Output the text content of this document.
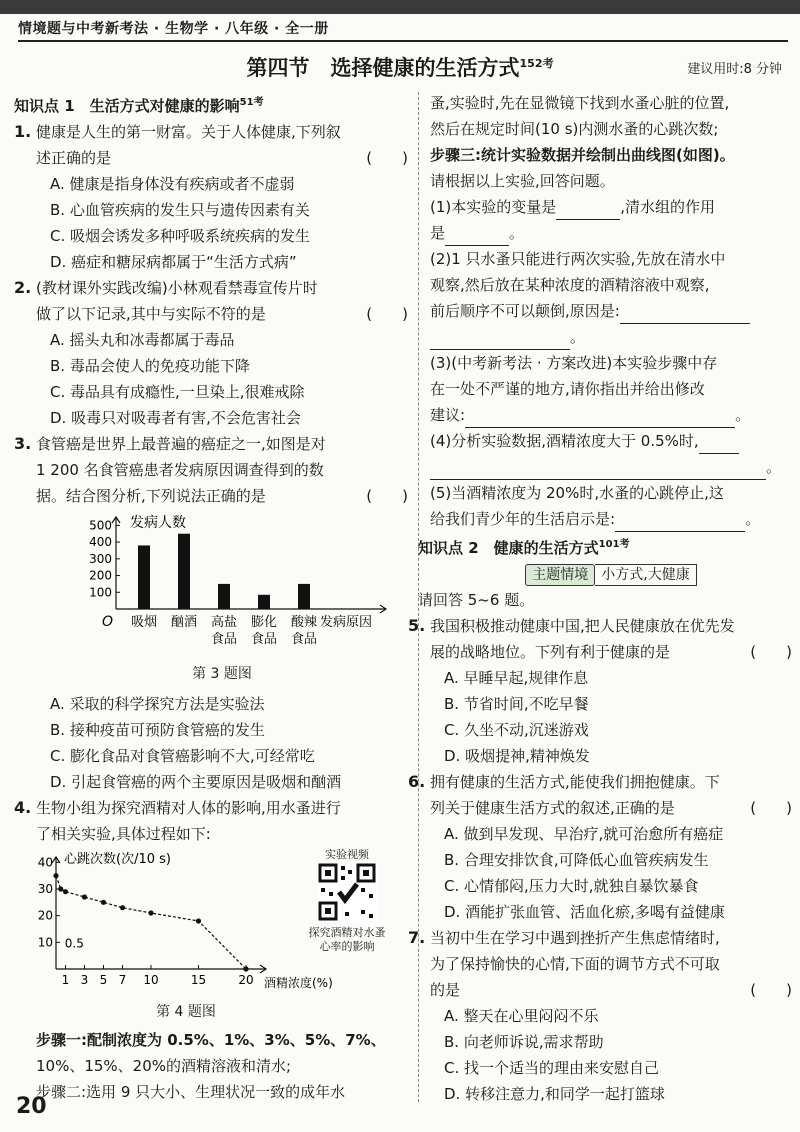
情境题与中考新考法 · 生物学 · 八年级 · 全一册
第四节　选择健康的生活方式$^{152考}$	建议用时:8 分钟
知识点 1　生活方式对健康的影响$^{51考}$
1. 健康是人生的第一财富。关于人体健康,下列叙
述正确的是	(　　)
A. 健康是指身体没有疾病或者不虚弱
B. 心血管疾病的发生只与遗传因素有关
C. 吸烟会诱发多种呼吸系统疾病的发生
D. 癌症和糖尿病都属于“生活方式病”
2. (教材课外实践改编)小林观看禁毒宣传片时
做了以下记录,其中与实际不符的是	(　　)
A. 摇头丸和冰毒都属于毒品
B. 毒品会使人的免疫功能下降
C. 毒品具有成瘾性,一旦染上,很难戒除
D. 吸毒只对吸毒者有害,不会危害社会
3. 食管癌是世界上最普遍的癌症之一,如图是对
1 200 名食管癌患者发病原因调查得到的数
据。结合图分析,下列说法正确的是	(　　)
发病人数
发病原因
O
100
200
300
400
500
吸烟 酗酒 高盐
食品
膨化
食品
酸辣
食品
第 3 题图
A. 采取的科学探究方法是实验法
B. 接种疫苗可预防食管癌的发生
C. 膨化食品对食管癌影响不大,可经常吃
D. 引起食管癌的两个主要原因是吸烟和酗酒
4. 生物小组为探究酒精对人体的影响,用水蚤进行
了相关实验,具体过程如下:
心跳次数(次/10 s)
酒精浓度(%)
10
20
30
40
1 3 5 7 10	15	20
0.5
第 4 题图
步骤一:配制浓度为 0.5%、1%、3%、5%、7%、
10%、15%、20%的酒精溶液和清水;
步骤二:选用 9 只大小、生理状况一致的成年水
实验视频
探究酒精对水蚤心率的影响
蚤,实验时,先在显微镜下找到水蚤心脏的位置,
然后在规定时间(10 s)内测水蚤的心跳次数;
步骤三:统计实验数据并绘制出曲线图(如图)。
请根据以上实验,回答问题。
(1)本实验的变量是	,清水组的作用
是	。
(2)1 只水蚤只能进行两次实验,先放在清水中
观察,然后放在某种浓度的酒精溶液中观察,
前后顺序不可以颠倒,原因是:
。
(3)(中考新考法 · 方案改进)本实验步骤中存
在一处不严谨的地方,请你指出并给出修改
建议:	。
(4)分析实验数据,酒精浓度大于 0.5%时,
。
(5)当酒精浓度为 20%时,水蚤的心跳停止,这
给我们青少年的生活启示是:	。
知识点 2　健康的生活方式$^{101考}$
主题情境 小方式,大健康
请回答 5~6 题。
5. 我国积极推动健康中国,把人民健康放在优先发
展的战略地位。下列有利于健康的是	(　　)
A. 早睡早起,规律作息
B. 节省时间,不吃早餐
C. 久坐不动,沉迷游戏
D. 吸烟提神,精神焕发
6. 拥有健康的生活方式,能使我们拥抱健康。下
列关于健康生活方式的叙述,正确的是	(　　)
A. 做到早发现、早治疗,就可治愈所有癌症
B. 合理安排饮食,可降低心血管疾病发生
C. 心情郁闷,压力大时,就独自暴饮暴食
D. 酒能扩张血管、活血化瘀,多喝有益健康
7. 当初中生在学习中遇到挫折产生焦虑情绪时,
为了保持愉快的心情,下面的调节方式不可取
的是	(　　)
A. 整天在心里闷闷不乐
B. 向老师诉说,需求帮助
C. 找一个适当的理由来安慰自己
D. 转移注意力,和同学一起打篮球
20
